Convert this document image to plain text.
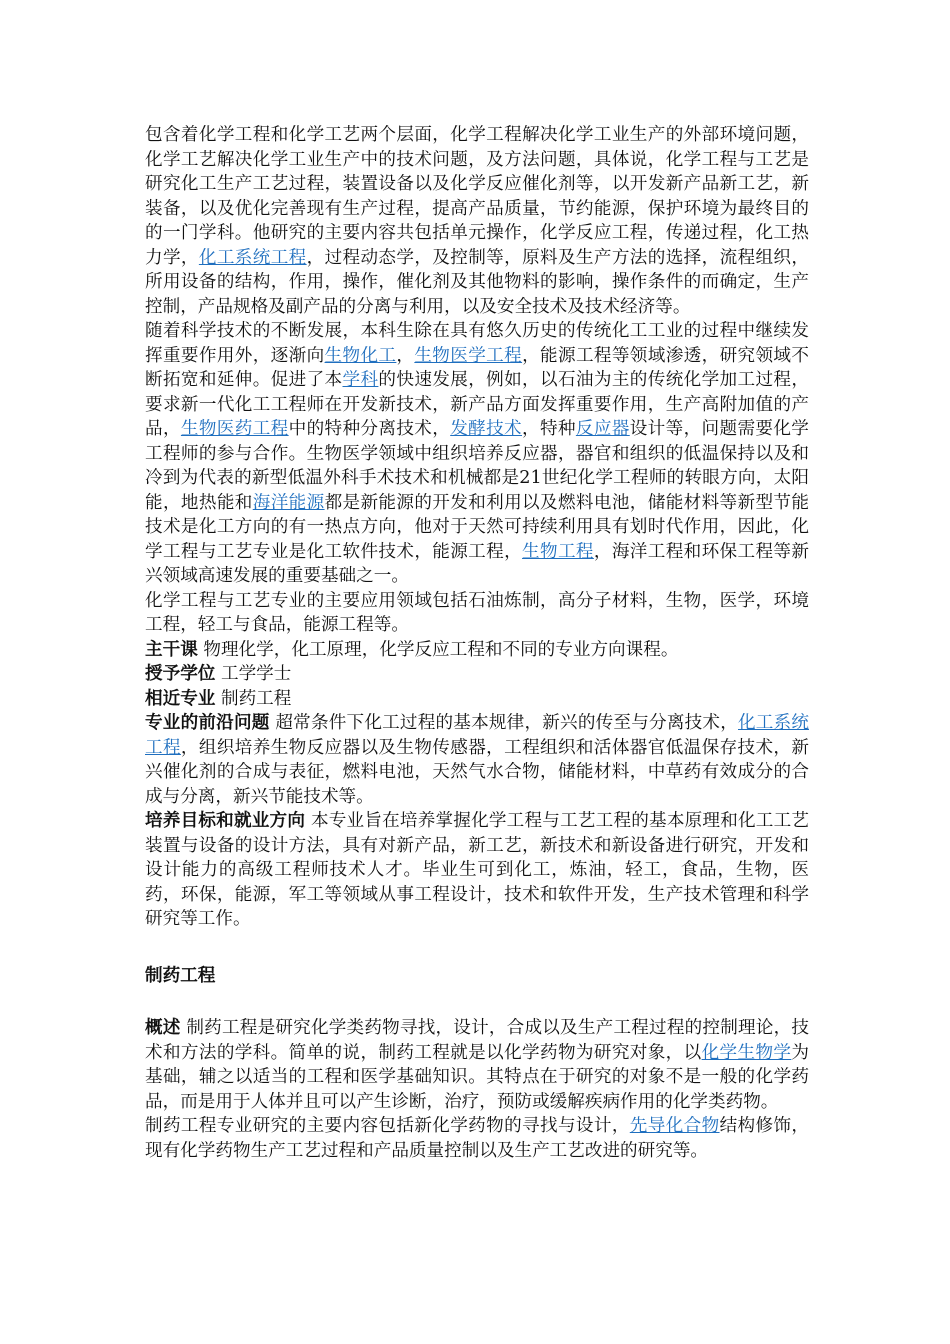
包含着化学工程和化学工艺两个层面，化学工程解决化学工业生产的外部环境问题，化学工艺解决化学工业生产中的技术问题，及方法问题，具体说，化学工程与工艺是研究化工生产工艺过程，装置设备以及化学反应催化剂等，以开发新产品新工艺，新装备，以及优化完善现有生产过程，提高产品质量，节约能源，保护环境为最终目的的一门学科。他研究的主要内容共包括单元操作，化学反应工程，传递过程，化工热力学，化工系统工程，过程动态学，及控制等，原料及生产方法的选择，流程组织，所用设备的结构，作用，操作，催化剂及其他物料的影响，操作条件的而确定，生产控制，产品规格及副产品的分离与利用，以及安全技术及技术经济等。

随着科学技术的不断发展，本科生除在具有悠久历史的传统化工工业的过程中继续发挥重要作用外，逐渐向生物化工，生物医学工程，能源工程等领域渗透，研究领域不断拓宽和延伸。促进了本学科的快速发展，例如，以石油为主的传统化学加工过程，要求新一代化工工程师在开发新技术，新产品方面发挥重要作用，生产高附加值的产品，生物医药工程中的特种分离技术，发酵技术，特种反应器设计等，问题需要化学工程师的参与合作。生物医学领域中组织培养反应器，器官和组织的低温保持以及和冷到为代表的新型低温外科手术技术和机械都是21世纪化学工程师的转眼方向，太阳能，地热能和海洋能源都是新能源的开发和利用以及燃料电池，储能材料等新型节能技术是化工方向的有一热点方向，他对于天然可持续利用具有划时代作用，因此，化学工程与工艺专业是化工软件技术，能源工程，生物工程，海洋工程和环保工程等新兴领域高速发展的重要基础之一。

化学工程与工艺专业的主要应用领域包括石油炼制，高分子材料，生物，医学，环境工程，轻工与食品，能源工程等。

主干课 物理化学，化工原理，化学反应工程和不同的专业方向课程。

授予学位 工学学士

相近专业 制药工程

专业的前沿问题 超常条件下化工过程的基本规律，新兴的传至与分离技术，化工系统工程，组织培养生物反应器以及生物传感器，工程组织和活体器官低温保存技术，新兴催化剂的合成与表征，燃料电池，天然气水合物，储能材料，中草药有效成分的合成与分离，新兴节能技术等。

培养目标和就业方向 本专业旨在培养掌握化学工程与工艺工程的基本原理和化工工艺装置与设备的设计方法，具有对新产品，新工艺，新技术和新设备进行研究，开发和设计能力的高级工程师技术人才。毕业生可到化工，炼油，轻工，食品，生物，医药，环保，能源，军工等领域从事工程设计，技术和软件开发，生产技术管理和科学研究等工作。

制药工程

概述 制药工程是研究化学类药物寻找，设计，合成以及生产工程过程的控制理论，技术和方法的学科。简单的说，制药工程就是以化学药物为研究对象，以化学生物学为基础，辅之以适当的工程和医学基础知识。其特点在于研究的对象不是一般的化学药品，而是用于人体并且可以产生诊断，治疗，预防或缓解疾病作用的化学类药物。

制药工程专业研究的主要内容包括新化学药物的寻找与设计，先导化合物结构修饰，现有化学药物生产工艺过程和产品质量控制以及生产工艺改进的研究等。
